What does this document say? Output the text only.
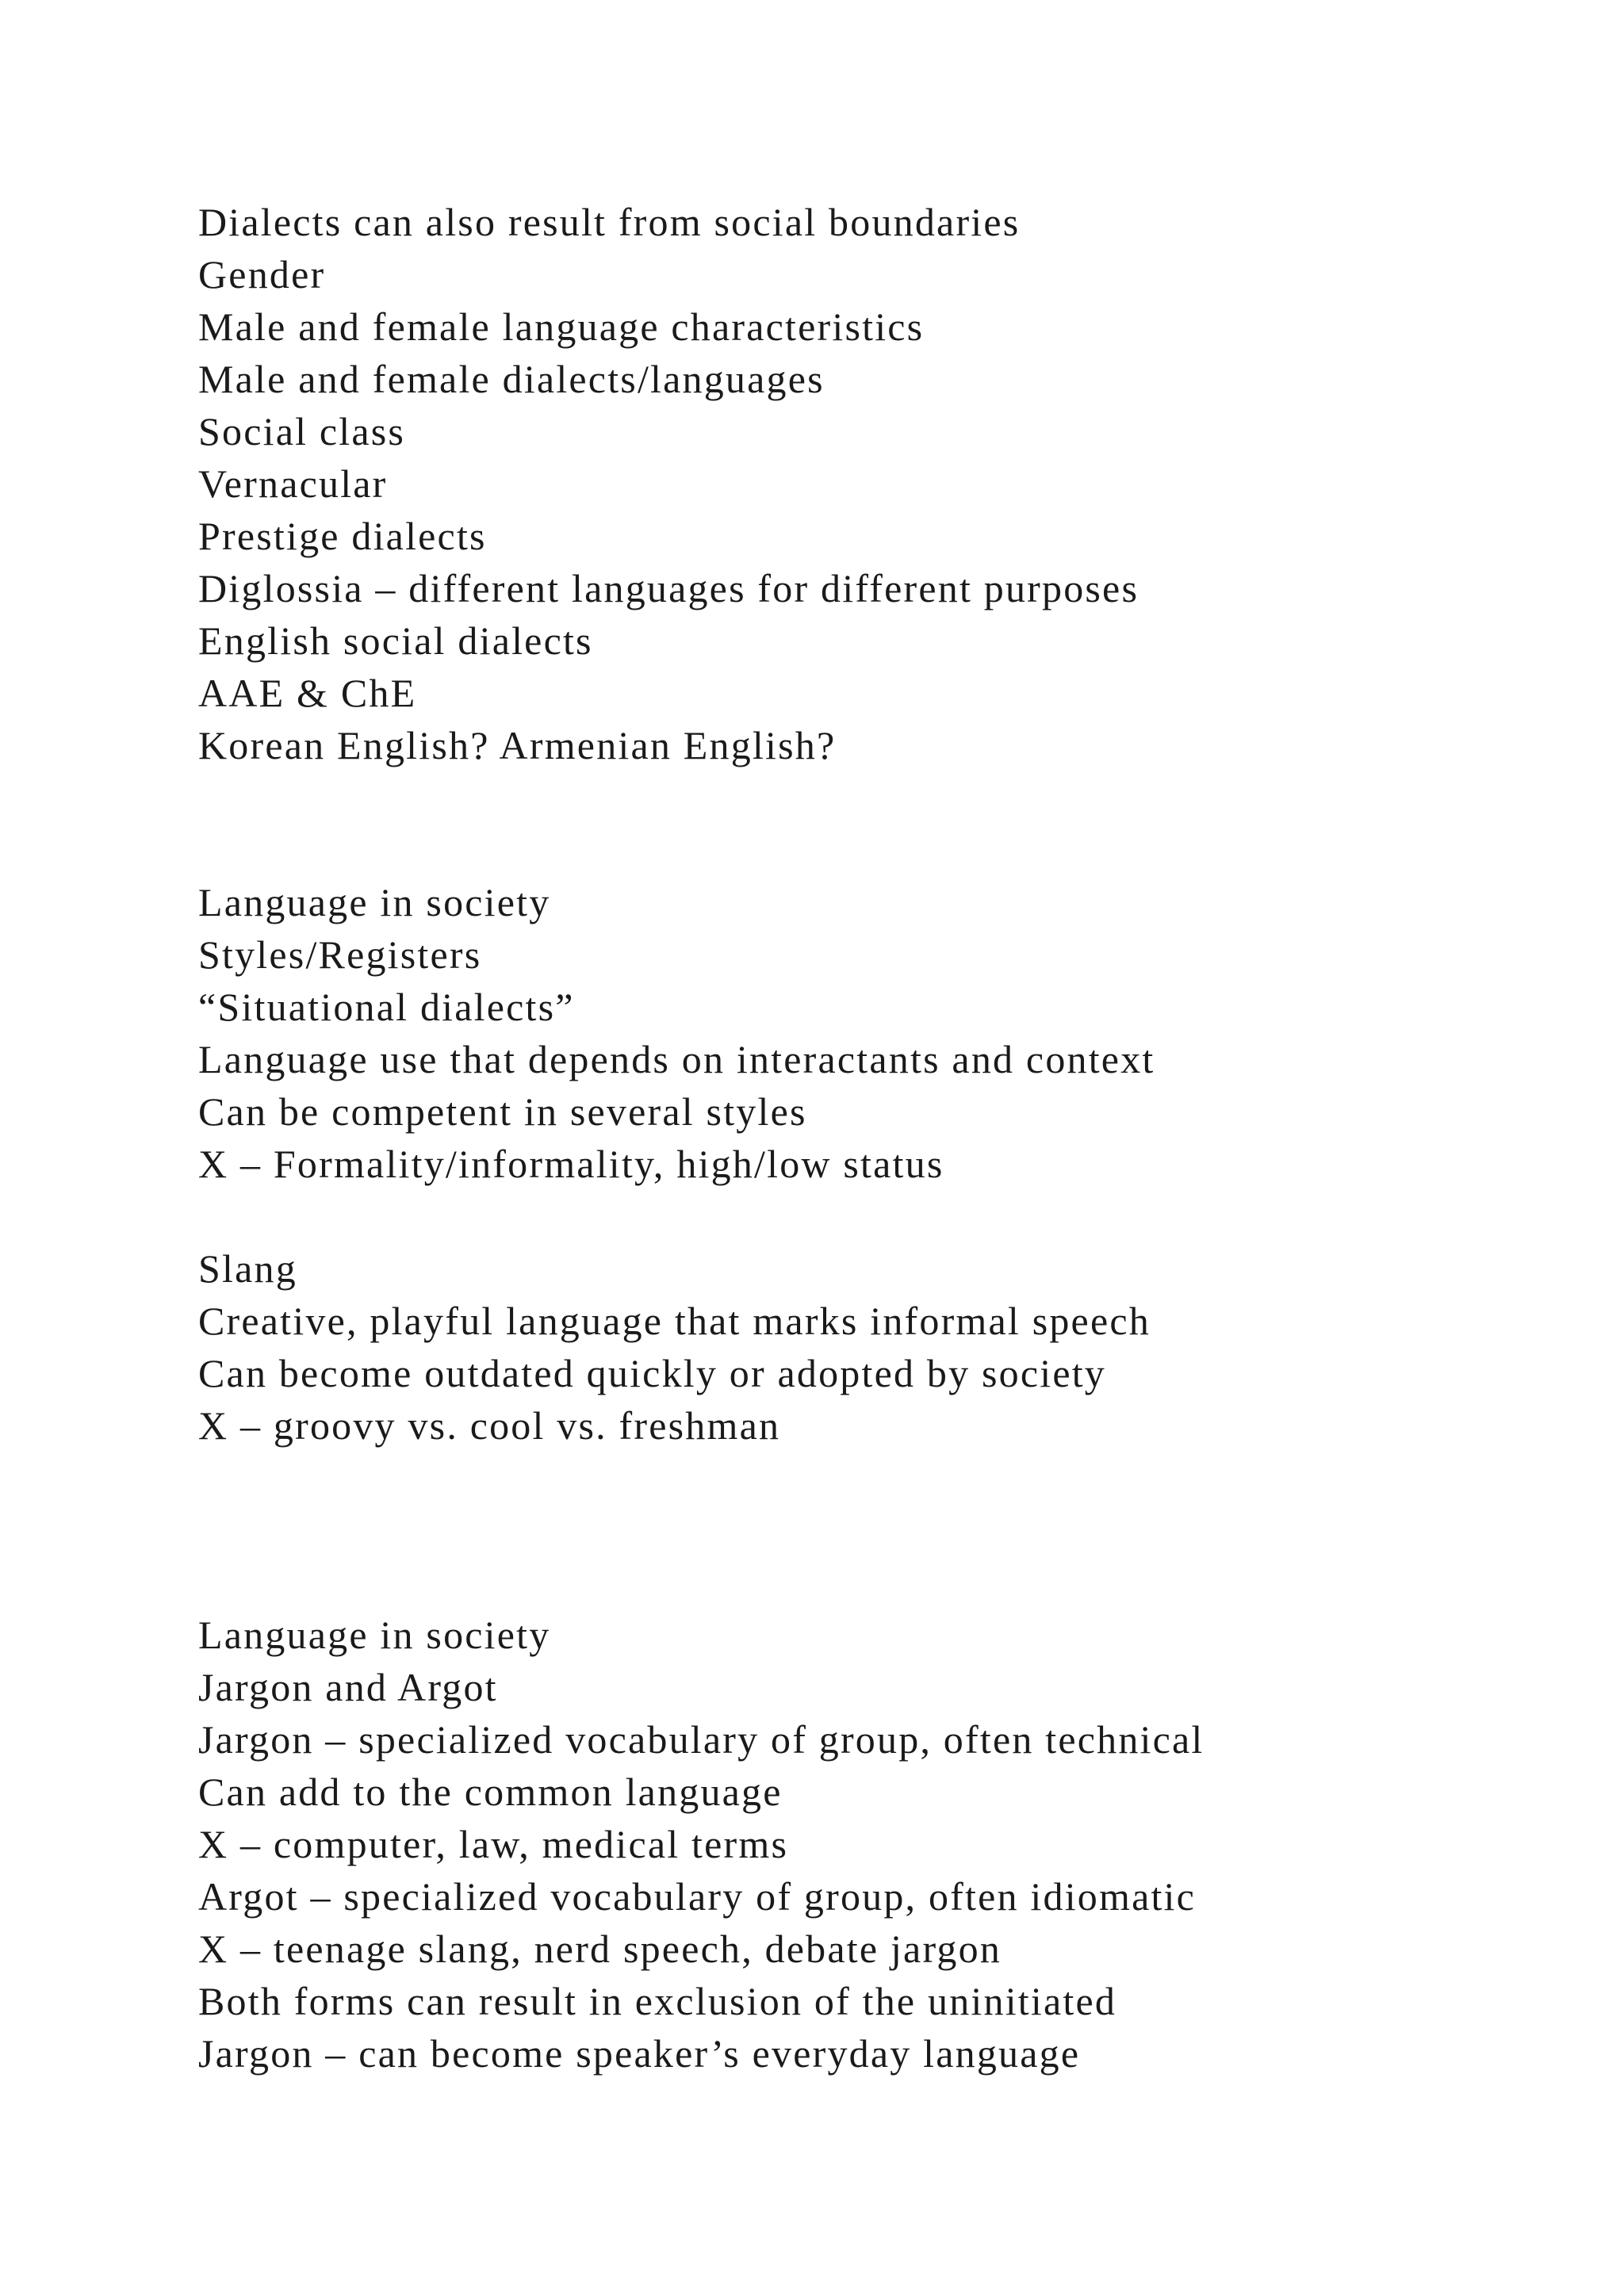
Dialects can also result from social boundaries
Gender
Male and female language characteristics
Male and female dialects/languages
Social class
Vernacular
Prestige dialects
Diglossia – different languages for different purposes
English social dialects
AAE & ChE
Korean English? Armenian English?
Language in society
Styles/Registers
“Situational dialects”
Language use that depends on interactants and context
Can be competent in several styles
X – Formality/informality, high/low status
Slang
Creative, playful language that marks informal speech
Can become outdated quickly or adopted by society
X – groovy vs. cool vs. freshman
Language in society
Jargon and Argot
Jargon – specialized vocabulary of group, often technical
Can add to the common language
X – computer, law, medical terms
Argot – specialized vocabulary of group, often idiomatic
X – teenage slang, nerd speech, debate jargon
Both forms can result in exclusion of the uninitiated
Jargon – can become speaker’s everyday language
